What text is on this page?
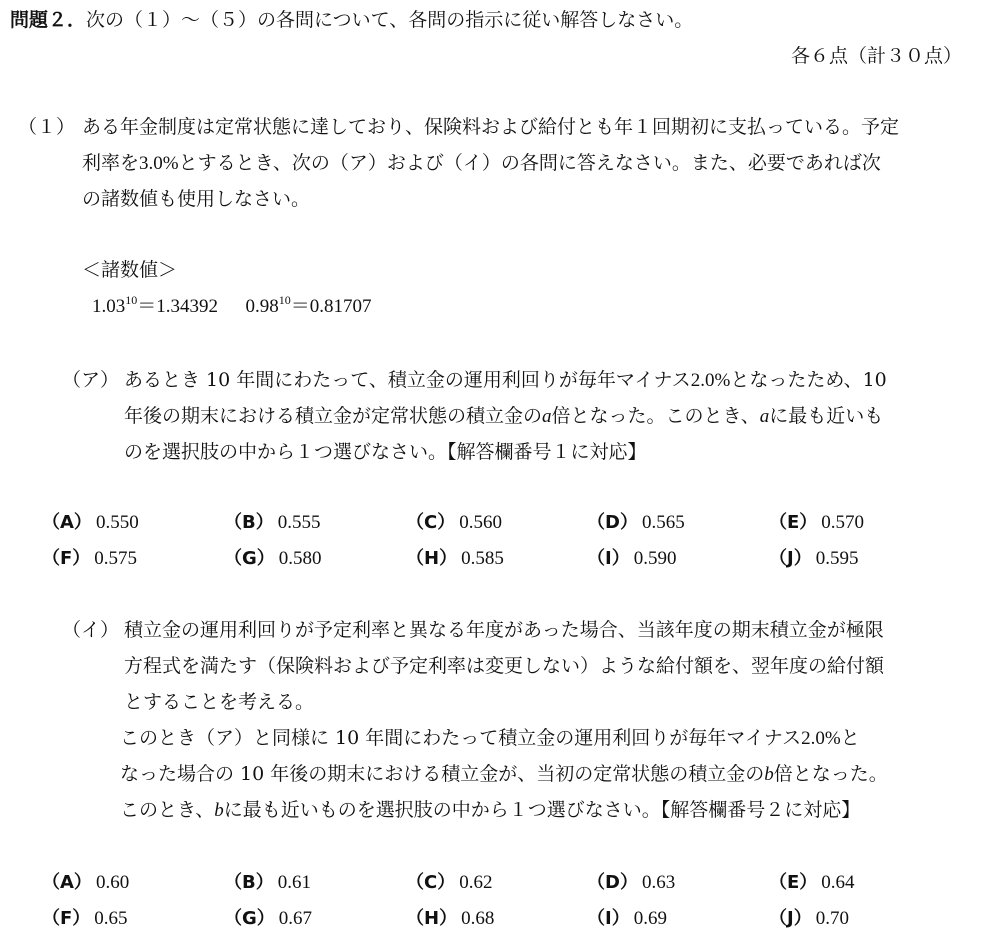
問題２．次の（１）～（５）の各問について、各問の指示に従い解答しなさい。
各６点（計３０点）
（１） ある年金制度は定常状態に達しており、保険料および給付とも年１回期初に支払っている。予定
利率を3.0%とするとき、次の（ア）および（イ）の各問に答えなさい。また、必要であれば次
の諸数値も使用しなさい。
＜諸数値＞
$1.03^{10}=1.34392$ $0.98^{10}=0.81707$
（ア） あるとき 10 年間にわたって、積立金の運用利回りが毎年マイナス2.0%となったため、10
年後の期末における積立金が定常状態の積立金のa倍となった。このとき、aに最も近いも
のを選択肢の中から１つ選びなさい。【解答欄番号１に対応】
（A） 0.550	（B） 0.555	（C） 0.560	（D） 0.565	（E） 0.570
（F） 0.575	（G） 0.580	（H） 0.585	（I） 0.590	（J） 0.595
（イ） 積立金の運用利回りが予定利率と異なる年度があった場合、当該年度の期末積立金が極限
方程式を満たす（保険料および予定利率は変更しない）ような給付額を、翌年度の給付額
とすることを考える。
このとき（ア）と同様に 10 年間にわたって積立金の運用利回りが毎年マイナス2.0%と
なった場合の 10 年後の期末における積立金が、当初の定常状態の積立金のb倍となった。
このとき、bに最も近いものを選択肢の中から１つ選びなさい。【解答欄番号２に対応】
（A） 0.60	（B） 0.61	（C） 0.62	（D） 0.63	（E） 0.64
（F） 0.65	（G） 0.67	（H） 0.68	（I） 0.69	（J） 0.70
